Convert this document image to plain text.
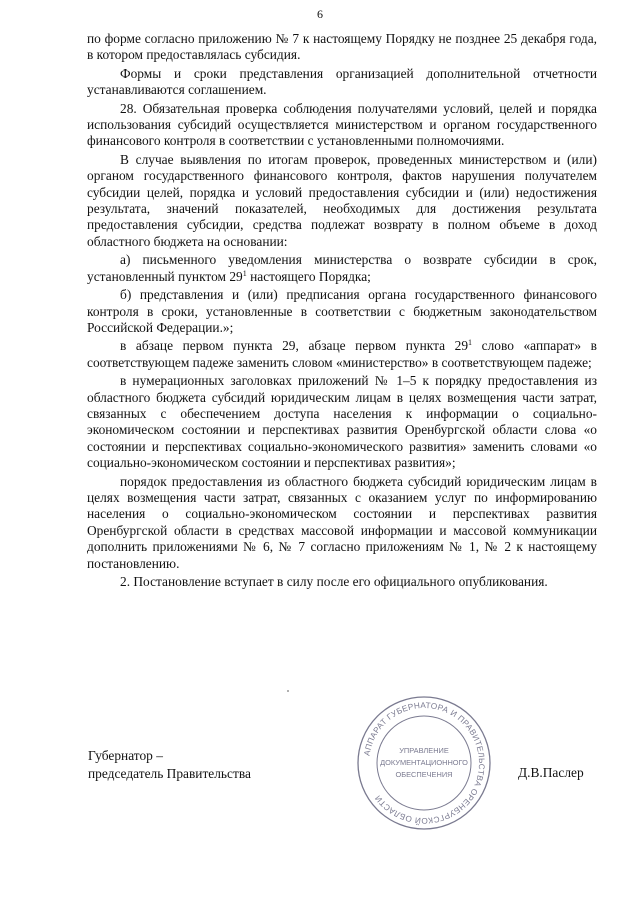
6

по форме согласно приложению № 7 к настоящему Порядку не позднее 25 декабря года, в котором предоставлялась субсидия.

Формы и сроки представления организацией дополнительной отчетности устанавливаются соглашением.

28. Обязательная проверка соблюдения получателями условий, целей и порядка использования субсидий осуществляется министерством и органом государственного финансового контроля в соответствии с установленными полномочиями.

В случае выявления по итогам проверок, проведенных министерством и (или) органом государственного финансового контроля, фактов нарушения получателем субсидии целей, порядка и условий предоставления субсидии и (или) недостижения результата, значений показателей, необходимых для достижения результата предоставления субсидии, средства подлежат возврату в полном объеме в доход областного бюджета на основании:

а) письменного уведомления министерства о возврате субсидии в срок, установленный пунктом $29^1$ настоящего Порядка;

б) представления и (или) предписания органа государственного финансового контроля в сроки, установленные в соответствии с бюджетным законодательством Российской Федерации.»;

в абзаце первом пункта 29, абзаце первом пункта $29^1$ слово «аппарат» в соответствующем падеже заменить словом «министерство» в соответствующем падеже;

в нумерационных заголовках приложений № 1–5 к порядку предоставления из областного бюджета субсидий юридическим лицам в целях возмещения части затрат, связанных с обеспечением доступа населения к информации о социально-экономическом состоянии и перспективах развития Оренбургской области слова «о состоянии и перспективах социально-экономического развития» заменить словами «о социально-экономическом состоянии и перспективах развития»;

порядок предоставления из областного бюджета субсидий юридическим лицам в целях возмещения части затрат, связанных с оказанием услуг по информированию населения о социально-экономическом состоянии и перспективах развития Оренбургской области в средствах массовой информации и массовой коммуникации дополнить приложениями № 6, № 7 согласно приложениям № 1, № 2 к настоящему постановлению.

2. Постановление вступает в силу после его официального опубликования.

Губернатор –
председатель Правительства
АППАРАТ ГУБЕРНАТОРА И ПРАВИТЕЛЬСТВА ОРЕНБУРГСКОЙ ОБЛАСТИ
УПРАВЛЕНИЕ
ДОКУМЕНТАЦИОННОГО
ОБЕСПЕЧЕНИЯ	Д.В.Паслер
